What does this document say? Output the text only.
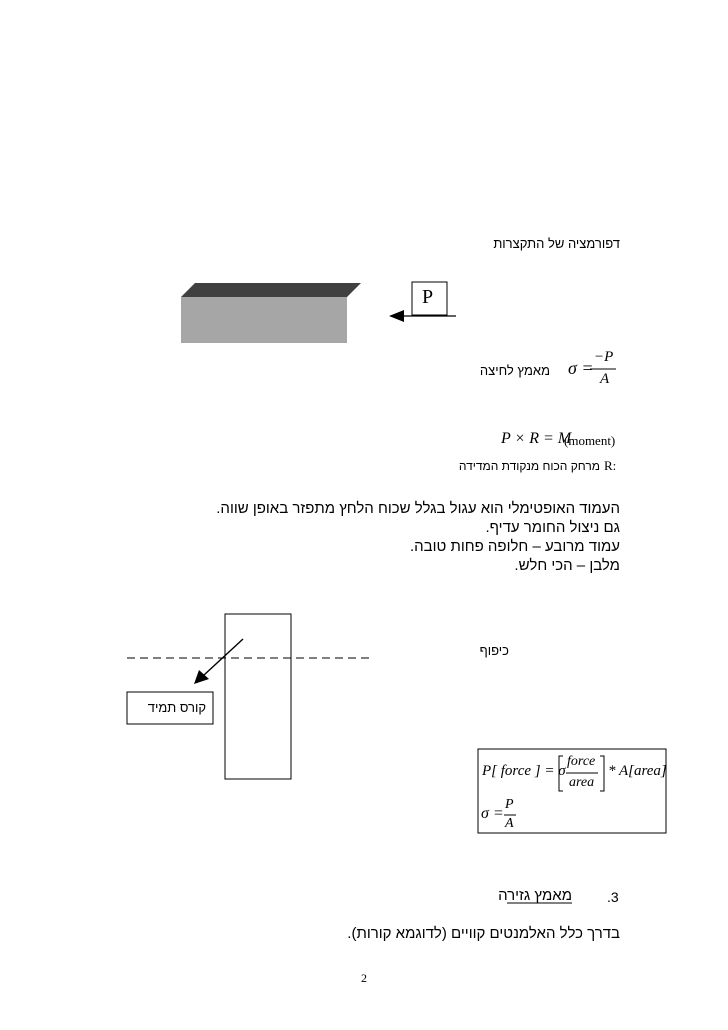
דפורמציה של התקצרות
P
מאמץ לחיצה σ =
−P
A
P × R = M
(moment)
R:
מרחק הכוח מנקודת המדידה
העמוד האופטימלי הוא עגול בגלל שכוח הלחץ מתפזר באופן שווה.
גם ניצול החומר עדיף.
עמוד מרובע – חלופה פחות טובה.
מלבן – הכי חלש.
כיפוף
קורס תמיד
P[ force ] = σ
force
area
* A[area]
σ =
P
A
.3
מאמץ גזירה
בדרך כלל האלמנטים קוויים (לדוגמא קורות).
2
